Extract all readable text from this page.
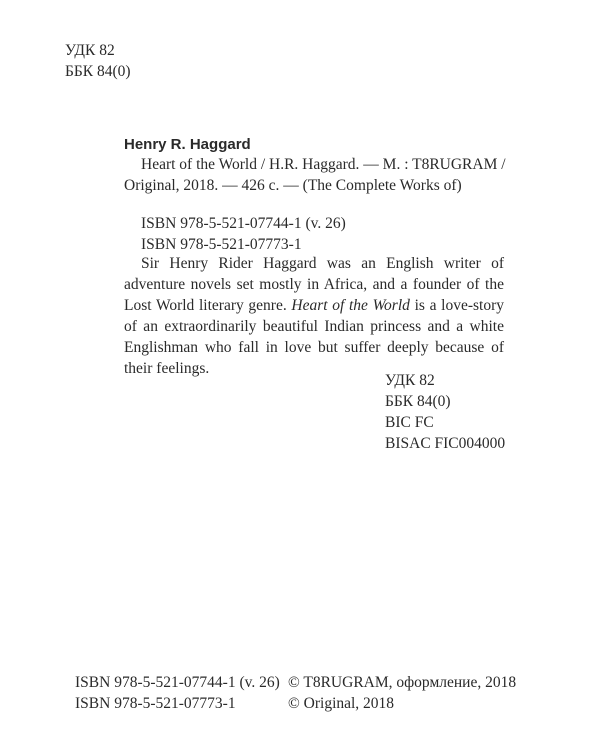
УДК 82
ББК 84(0)
Henry R. Haggard
Heart of the World / H.R. Haggard. — M. : T8RUGRAM /
Original, 2018. — 426 с. — (The Complete Works of)
ISBN 978-5-521-07744-1 (v. 26)
ISBN 978-5-521-07773-1

Sir Henry Rider Haggard was an English writer of adventure novels set mostly in Africa, and a founder of the Lost World literary genre. Heart of the World is a love-story of an extraordinarily beautiful Indian princess and a white Englishman who fall in love but suffer deeply because of their feelings.

УДК 82
ББК 84(0)
BIC FC
BISAC FIC004000
ISBN 978-5-521-07744-1 (v. 26)
ISBN 978-5-521-07773-1
© T8RUGRAM, оформление, 2018
© Original, 2018
